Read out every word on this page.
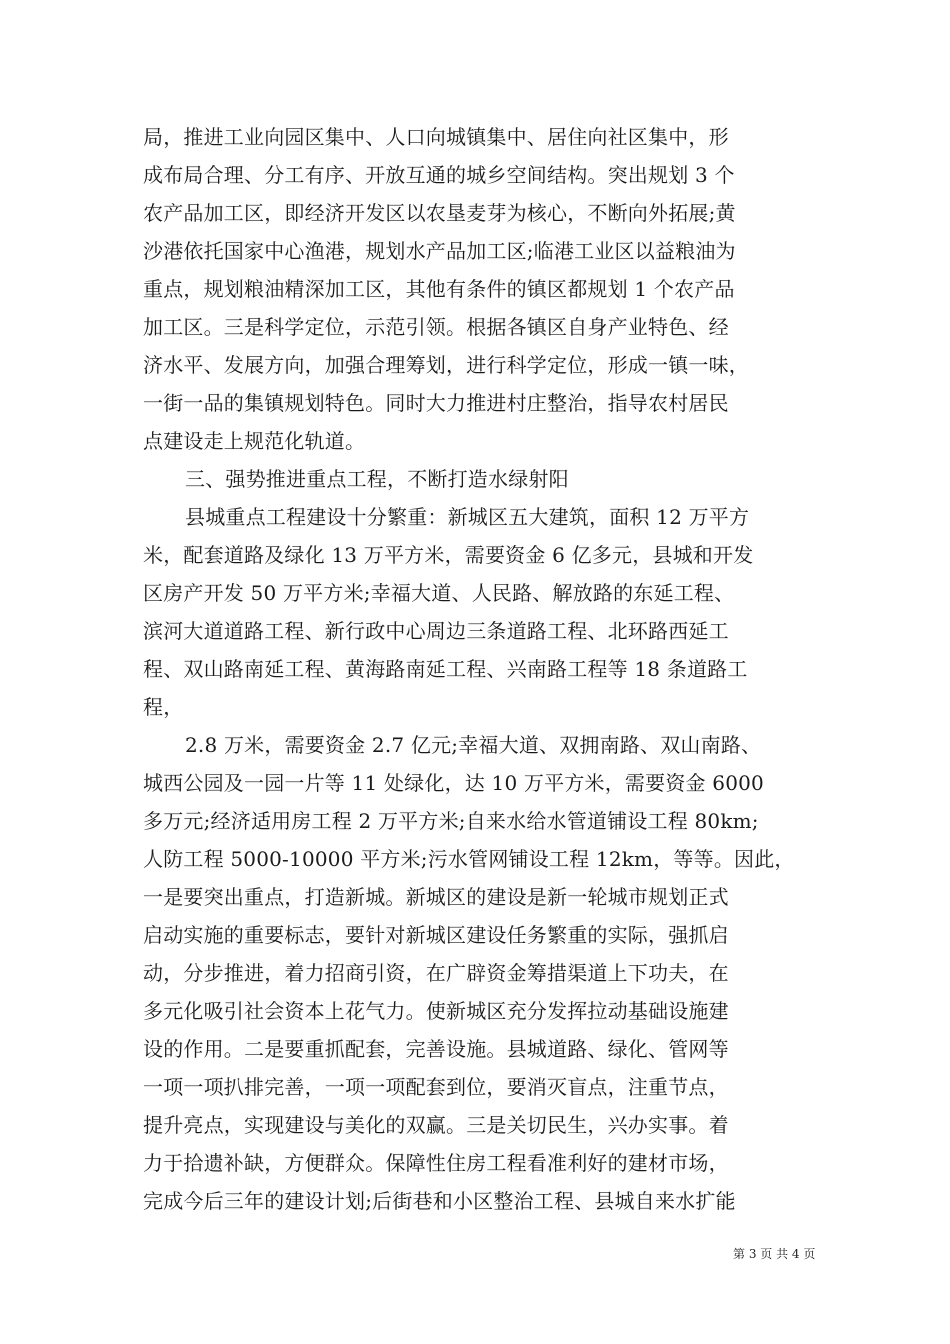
局，推进工业向园区集中、人口向城镇集中、居住向社区集中，形
成布局合理、分工有序、开放互通的城乡空间结构。突出规划 3 个
农产品加工区，即经济开发区以农垦麦芽为核心，不断向外拓展;黄
沙港依托国家中心渔港，规划水产品加工区;临港工业区以益粮油为
重点，规划粮油精深加工区，其他有条件的镇区都规划 1 个农产品
加工区。三是科学定位，示范引领。根据各镇区自身产业特色、经
济水平、发展方向，加强合理筹划，进行科学定位，形成一镇一味，
一街一品的集镇规划特色。同时大力推进村庄整治，指导农村居民
点建设走上规范化轨道。
三、强势推进重点工程，不断打造水绿射阳
县城重点工程建设十分繁重：新城区五大建筑，面积 12 万平方
米，配套道路及绿化 13 万平方米，需要资金 6 亿多元，县城和开发
区房产开发 50 万平方米;幸福大道、人民路、解放路的东延工程、
滨河大道道路工程、新行政中心周边三条道路工程、北环路西延工
程、双山路南延工程、黄海路南延工程、兴南路工程等 18 条道路工
程，
2.8 万米，需要资金 2.7 亿元;幸福大道、双拥南路、双山南路、
城西公园及一园一片等 11 处绿化，达 10 万平方米，需要资金 6000
多万元;经济适用房工程 2 万平方米;自来水给水管道铺设工程 80km;
人防工程 5000-10000 平方米;污水管网铺设工程 12km，等等。因此，
一是要突出重点，打造新城。新城区的建设是新一轮城市规划正式
启动实施的重要标志，要针对新城区建设任务繁重的实际，强抓启
动，分步推进，着力招商引资，在广辟资金筹措渠道上下功夫，在
多元化吸引社会资本上花气力。使新城区充分发挥拉动基础设施建
设的作用。二是要重抓配套，完善设施。县城道路、绿化、管网等
一项一项扒排完善，一项一项配套到位，要消灭盲点，注重节点，
提升亮点，实现建设与美化的双赢。三是关切民生，兴办实事。着
力于拾遗补缺，方便群众。保障性住房工程看准利好的建材市场，
完成今后三年的建设计划;后街巷和小区整治工程、县城自来水扩能
第 3 页 共 4 页
